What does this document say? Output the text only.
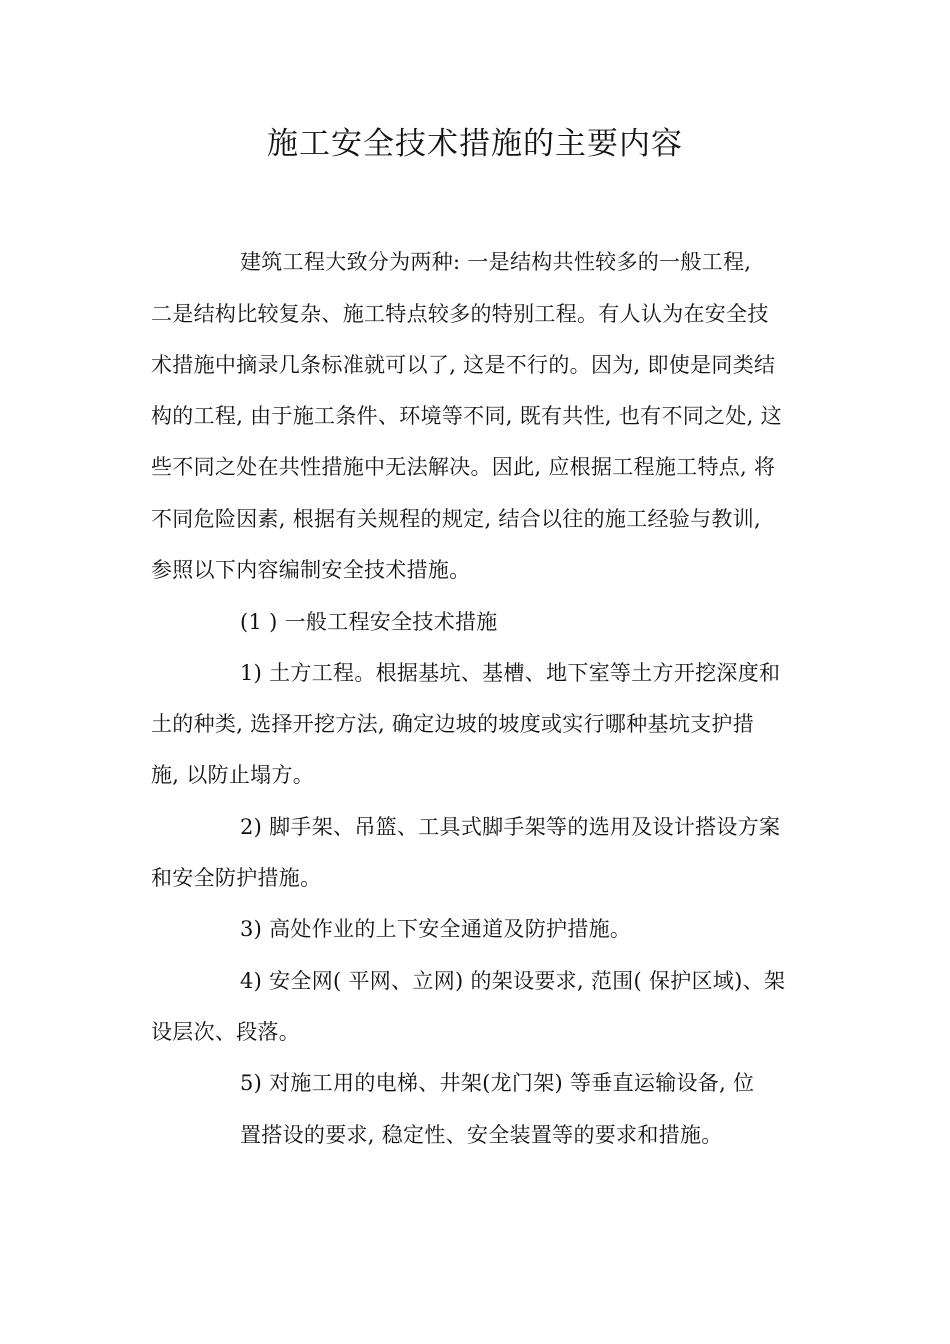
施工安全技术措施的主要内容
建筑工程大致分为两种: 一是结构共性较多的一般工程,
二是结构比较复杂、施工特点较多的特别工程。有人认为在安全技
术措施中摘录几条标准就可以了, 这是不行的。因为, 即使是同类结
构的工程, 由于施工条件、环境等不同, 既有共性, 也有不同之处, 这
些不同之处在共性措施中无法解决。因此, 应根据工程施工特点, 将
不同危险因素, 根据有关规程的规定, 结合以往的施工经验与教训,
参照以下内容编制安全技术措施。
(1 ) 一般工程安全技术措施
1) 土方工程。根据基坑、基槽、地下室等土方开挖深度和
土的种类, 选择开挖方法, 确定边坡的坡度或实行哪种基坑支护措
施, 以防止塌方。
2) 脚手架、吊篮、工具式脚手架等的选用及设计搭设方案
和安全防护措施。
3) 高处作业的上下安全通道及防护措施。
4) 安全网( 平网、立网) 的架设要求, 范围( 保护区域)、架
设层次、段落。
5) 对施工用的电梯、井架(龙门架) 等垂直运输设备, 位
置搭设的要求, 稳定性、安全装置等的要求和措施。
